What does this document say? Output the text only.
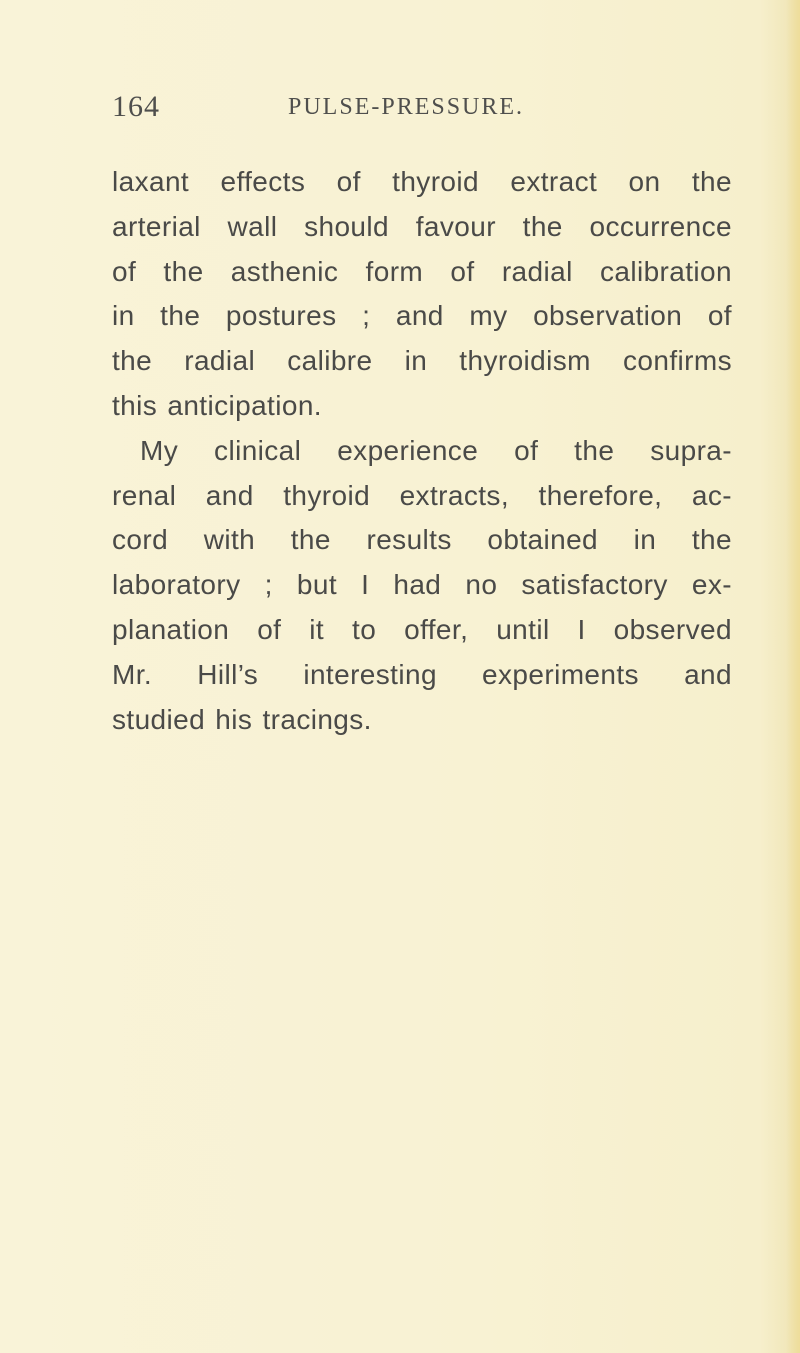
164	PULSE-PRESSURE.
laxant effects of thyroid extract on the
arterial wall should favour the occurrence
of the asthenic form of radial calibration
in the postures ; and my observation of
the radial calibre in thyroidism confirms
this anticipation.
My clinical experience of the supra-
renal and thyroid extracts, therefore, ac-
cord with the results obtained in the
laboratory ; but I had no satisfactory ex-
planation of it to offer, until I observed
Mr. Hill’s interesting experiments and
studied his tracings.
